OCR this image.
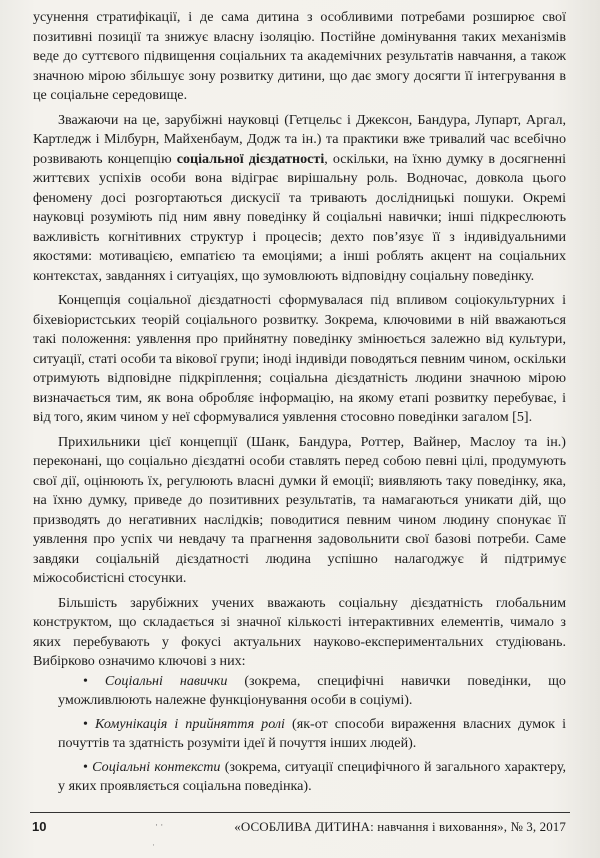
усунення стратифікації, і де сама дитина з особливими потребами розширює свої позитивні позиції та знижує власну ізоляцію. Постійне домінування таких механізмів веде до суттєвого підвищення соціальних та академічних результатів навчання, а також значною мірою збільшує зону розвитку дитини, що дає змогу досягти її інтегрування в це соціальне середовище.

Зважаючи на це, зарубіжні науковці (Гетцельс і Джексон, Бандура, Лупарт, Аргал, Картледж і Мілбурн, Майхенбаум, Додж та ін.) та практики вже тривалий час всебічно розвивають концепцію соціальної дієздатності, оскільки, на їхню думку в досягненні життєвих успіхів особи вона відіграє вирішальну роль. Водночас, довкола цього феномену досі розгортаються дискусії та тривають дослідницькі пошуки. Окремі науковці розуміють під ним явну поведінку й соціальні навички; інші підкреслюють важливість когнітивних структур і процесів; дехто пов’язує її з індивідуальними якостями: мотивацією, емпатією та емоціями; а інші роблять акцент на соціальних контекстах, завданнях і ситуаціях, що зумовлюють відповідну соціальну поведінку.

Концепція соціальної дієздатності сформувалася під впливом соціокультурних і біхевіористських теорій соціального розвитку. Зокрема, ключовими в ній вважаються такі положення: уявлення про прийнятну поведінку змінюється залежно від культури, ситуації, статі особи та вікової групи; іноді індивіди поводяться певним чином, оскільки отримують відповідне підкріплення; соціальна дієздатність людини значною мірою визначається тим, як вона обробляє інформацію, на якому етапі розвитку перебуває, і від того, яким чином у неї сформувалися уявлення стосовно поведінки загалом [5].

Прихильники цієї концепції (Шанк, Бандура, Роттер, Вайнер, Маслоу та ін.) переконані, що соціально дієздатні особи ставлять перед собою певні цілі, продумують свої дії, оцінюють їх, регулюють власні думки й емоції; виявляють таку поведінку, яка, на їхню думку, приведе до позитивних результатів, та намагаються уникати дій, що призводять до негативних наслідків; поводитися певним чином людину спонукає її уявлення про успіх чи невдачу та прагнення задовольнити свої базові потреби. Саме завдяки соціальній дієздатності людина успішно налагоджує й підтримує міжособистісні стосунки.

Більшість зарубіжних учених вважають соціальну дієздатність глобальним конструктом, що складається зі значної кількості інтерактивних елементів, чимало з яких перебувають у фокусі актуальних науково-експериментальних студіювань. Вибірково означимо ключові з них:

• Соціальні навички (зокрема, специфічні навички поведінки, що уможливлюють належне функціонування особи в соціумі).

• Комунікація і прийняття ролі (як-от способи вираження власних думок і почуттів та здатність розуміти ідеї й почуття інших людей).

• Соціальні контексти (зокрема, ситуації специфічного й загального характеру, у яких проявляється соціальна поведінка).

10	«ОСОБЛИВА ДИТИНА: навчання і виховання», № 3, 2017
· ·
·
